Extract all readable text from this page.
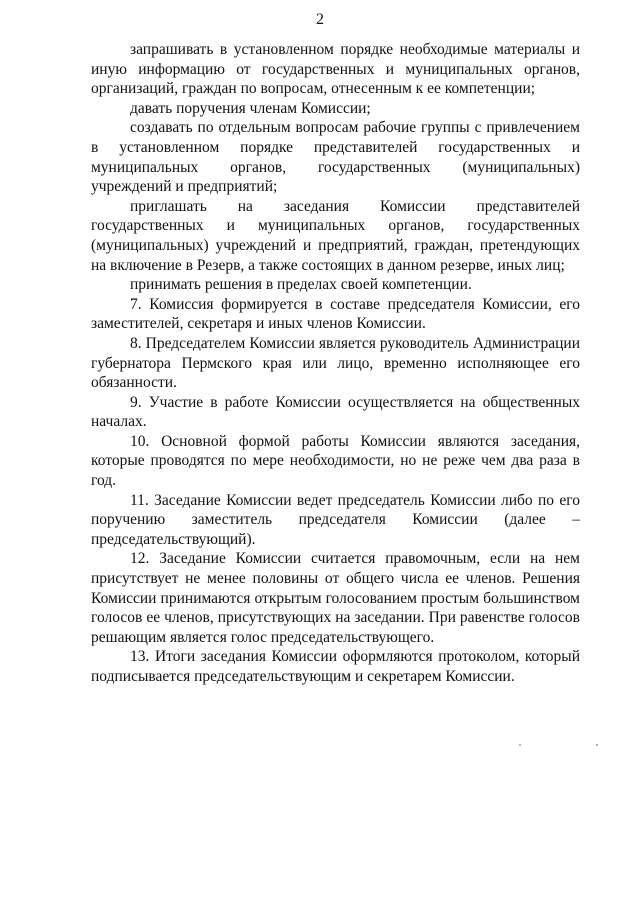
2

запрашивать в установленном порядке необходимые материалы и иную информацию от государственных и муниципальных органов, организаций, граждан по вопросам, отнесенным к ее компетенции;

давать поручения членам Комиссии;

создавать по отдельным вопросам рабочие группы с привлечением в установленном порядке представителей государственных и муниципальных органов, государственных (муниципальных) учреждений и предприятий;

приглашать на заседания Комиссии представителей государственных и муниципальных органов, государственных (муниципальных) учреждений и предприятий, граждан, претендующих на включение в Резерв, а также состоящих в данном резерве, иных лиц;

принимать решения в пределах своей компетенции.

7. Комиссия формируется в составе председателя Комиссии, его заместителей, секретаря и иных членов Комиссии.

8. Председателем Комиссии является руководитель Администрации губернатора Пермского края или лицо, временно исполняющее его обязанности.

9. Участие в работе Комиссии осуществляется на общественных началах.

10. Основной формой работы Комиссии являются заседания, которые проводятся по мере необходимости, но не реже чем два раза в год.

11. Заседание Комиссии ведет председатель Комиссии либо по его поручению заместитель председателя Комиссии (далее – председательствующий).

12. Заседание Комиссии считается правомочным, если на нем присутствует не менее половины от общего числа ее членов. Решения Комиссии принимаются открытым голосованием простым большинством голосов ее членов, присутствующих на заседании. При равенстве голосов решающим является голос председательствующего.

13. Итоги заседания Комиссии оформляются протоколом, который подписывается председательствующим и секретарем Комиссии.
